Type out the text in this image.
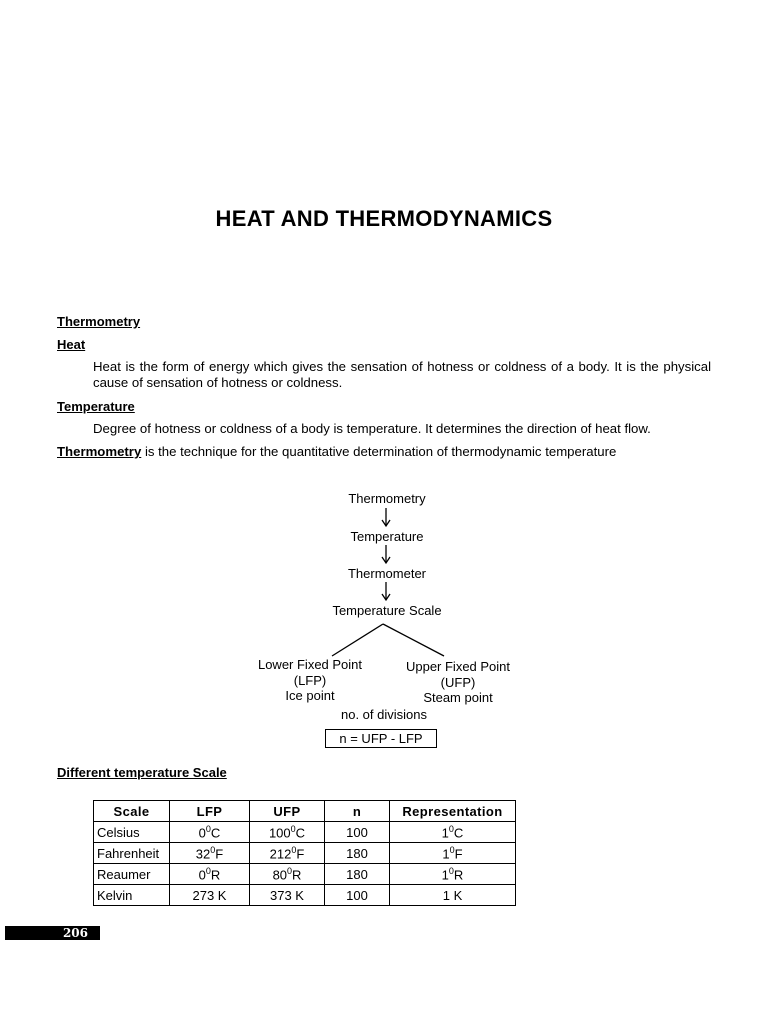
HEAT AND THERMODYNAMICS
Thermometry
Heat
Heat is the form of energy which gives the sensation of hotness or coldness of a body. It is the physical cause of sensation of hotness or coldness.
Temperature
Degree of hotness or coldness of a body is temperature. It determines the direction of heat flow.
Thermometry is the technique for the quantitative determination of thermodynamic temperature
Thermometry
Temperature
Thermometer
Temperature Scale
Lower Fixed Point
(LFP)
Ice point
Upper Fixed Point
(UFP)
Steam point
no. of divisions
n = UFP - LFP
Different temperature Scale
Scale	LFP	UFP	n	Representation
Celsius	$0^0C$	$100^0C$	100	$1^0C$
Fahrenheit	$32^0F$	$212^0F$	180	$1^0F$
Reaumer	$0^0R$	$80^0R$	180	$1^0R$
Kelvin	273 K	373 K	100	1 K
206
